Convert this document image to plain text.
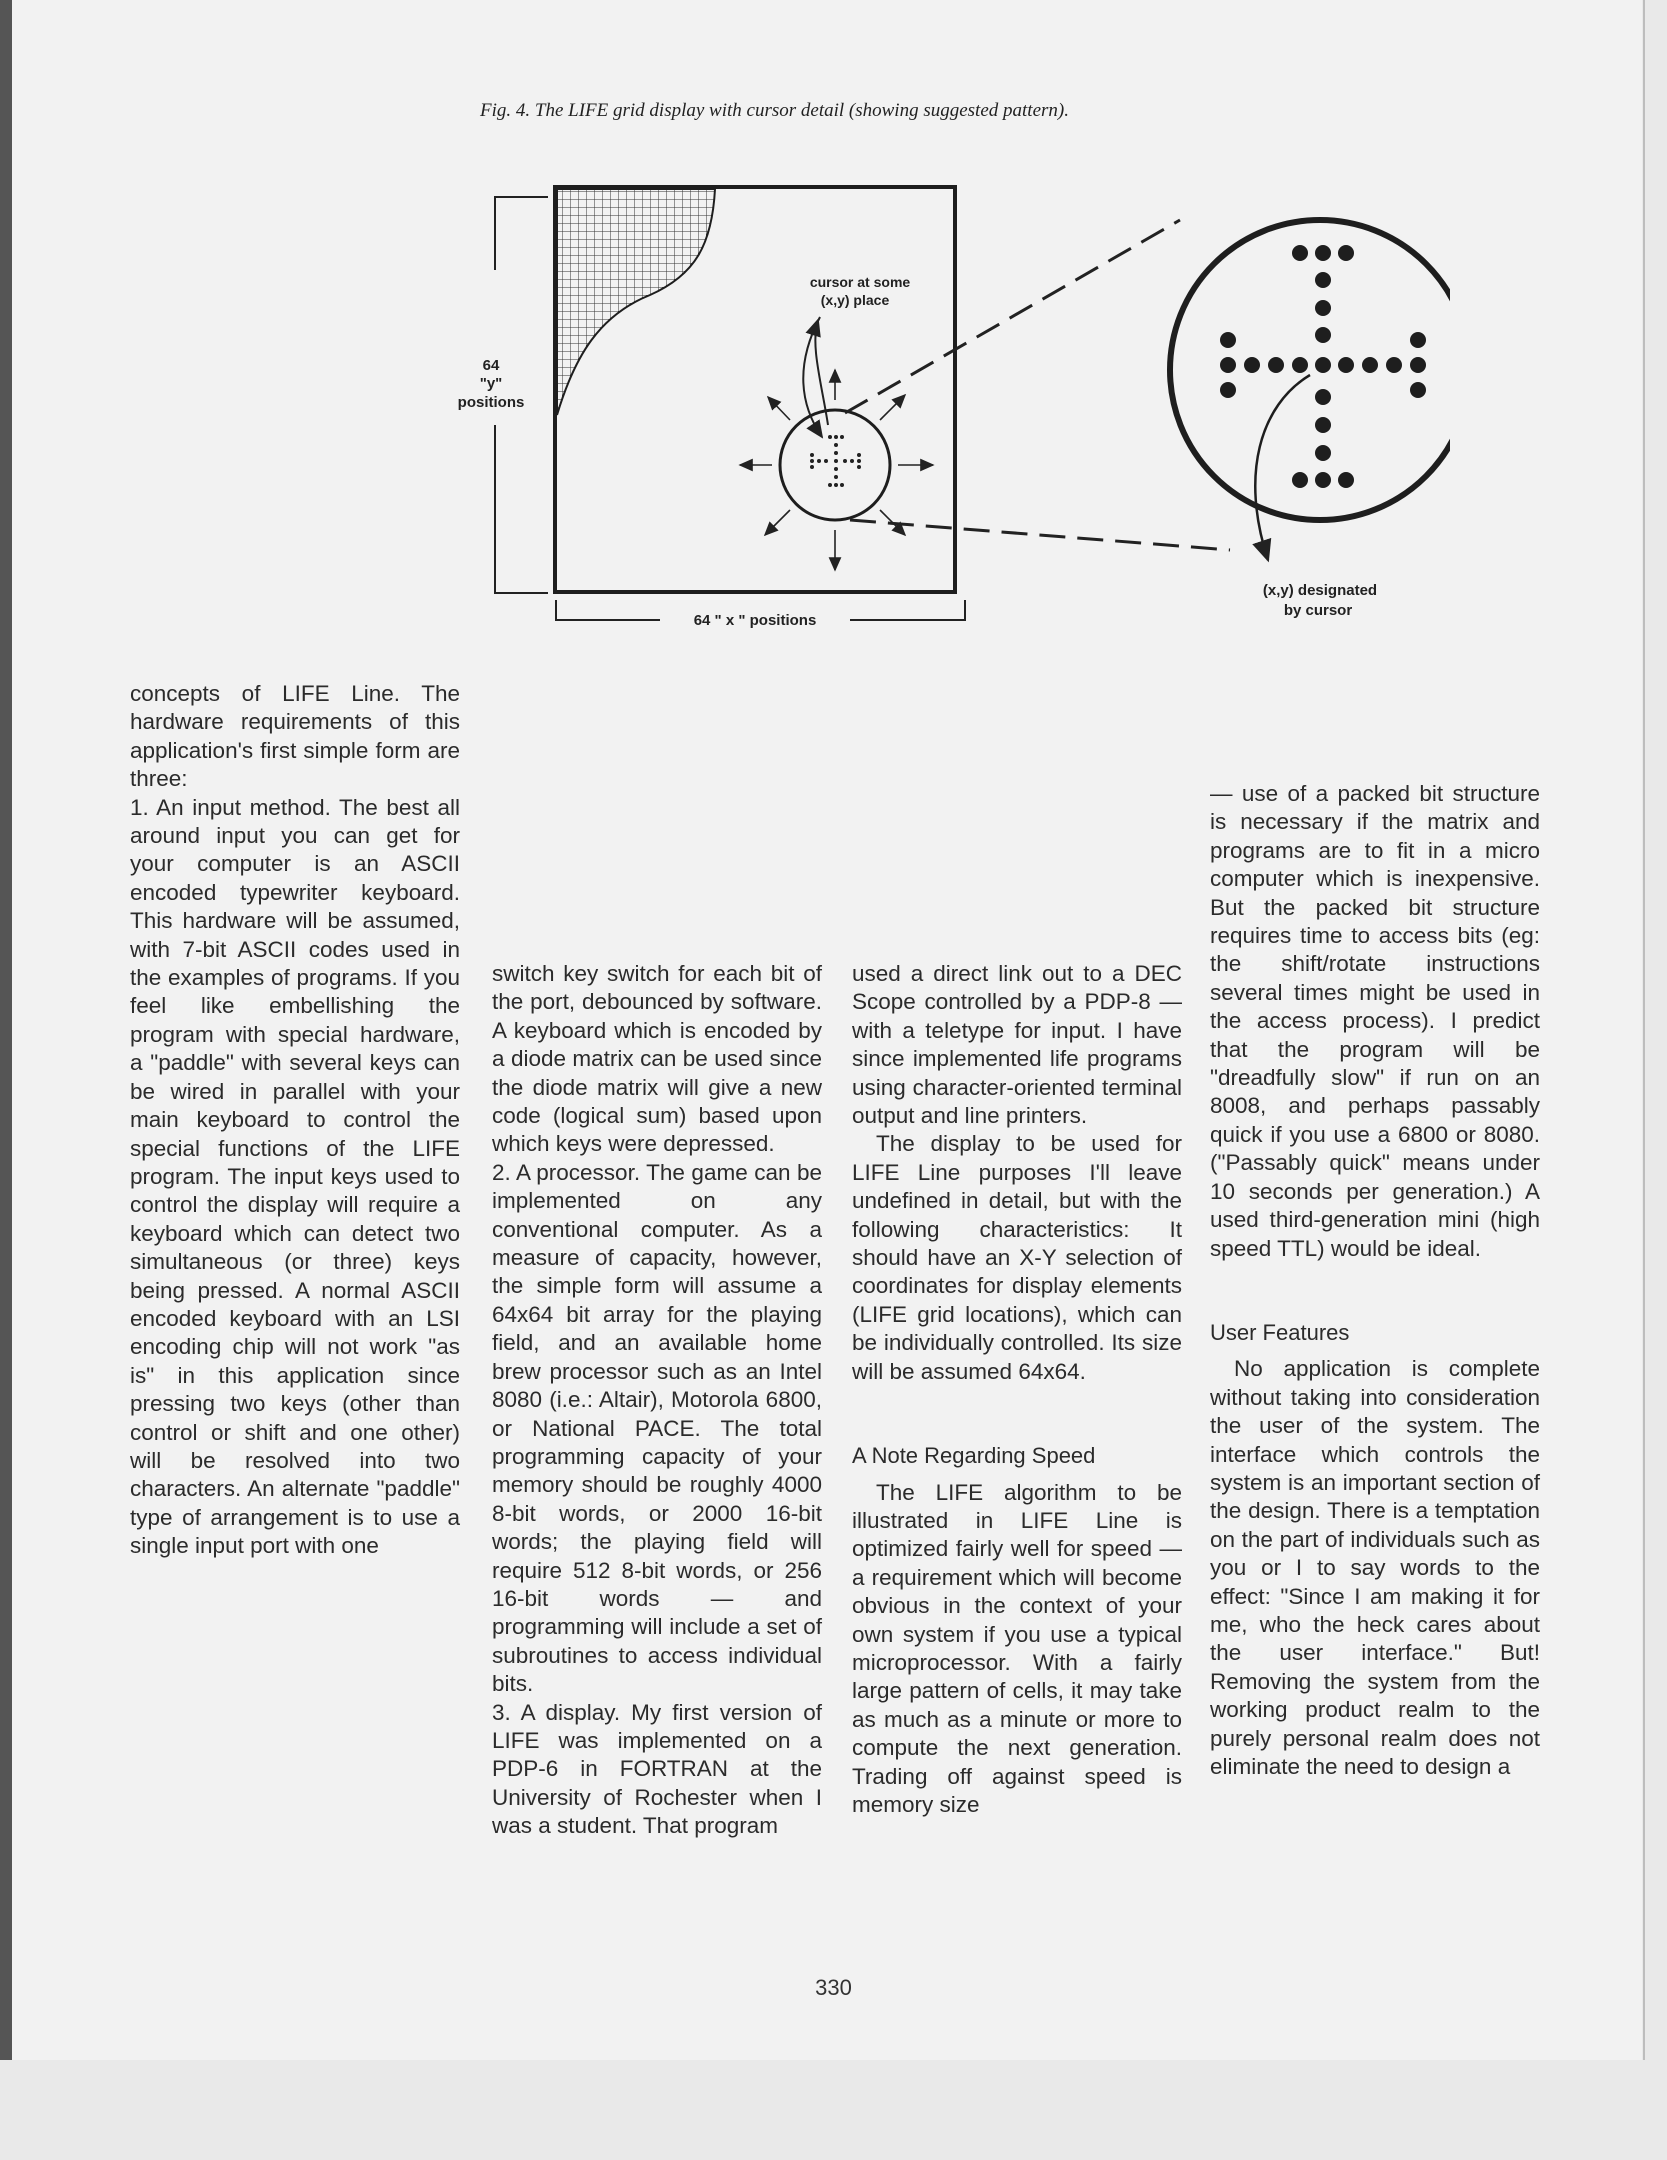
Fig. 4. The LIFE grid display with cursor detail (showing suggested pattern).
64
"y"
positions
64 " x " positions
cursor at some
(x,y) place
(x,y) designated
by cursor

concepts of LIFE Line. The hardware requirements of this application's first simple form are three:

1. An input method. The best all around input you can get for your computer is an ASCII encoded typewriter keyboard. This hardware will be assumed, with 7-bit ASCII codes used in the examples of programs. If you feel like embellishing the program with special hardware, a "paddle" with several keys can be wired in parallel with your main keyboard to control the special functions of the LIFE program. The input keys used to control the display will require a keyboard which can detect two simultaneous (or three) keys being pressed. A normal ASCII encoded keyboard with an LSI encoding chip will not work "as is" in this application since pressing two keys (other than control or shift and one other) will be resolved into two characters. An alternate "paddle" type of arrangement is to use a single input port with one

switch key switch for each bit of the port, debounced by software. A keyboard which is encoded by a diode matrix can be used since the diode matrix will give a new code (logical sum) based upon which keys were depressed.

2. A processor. The game can be implemented on any conventional computer. As a measure of capacity, however, the simple form will assume a 64x64 bit array for the playing field, and an available home brew processor such as an Intel 8080 (i.e.: Altair), Motorola 6800, or National PACE. The total programming capacity of your memory should be roughly 4000 8-bit words, or 2000 16-bit words; the playing field will require 512 8-bit words, or 256 16-bit words — and programming will include a set of subroutines to access individual bits.

3. A display. My first version of LIFE was implemented on a PDP-6 in FORTRAN at the University of Rochester when I was a student. That program

used a direct link out to a DEC Scope controlled by a PDP-8 — with a teletype for input. I have since implemented life programs using character-oriented terminal output and line printers.

The display to be used for LIFE Line purposes I'll leave undefined in detail, but with the following characteristics: It should have an X-Y selection of coordinates for display elements (LIFE grid locations), which can be individually controlled. Its size will be assumed 64x64.

A Note Regarding Speed

The LIFE algorithm to be illustrated in LIFE Line is optimized fairly well for speed — a requirement which will become obvious in the context of your own system if you use a typical microprocessor. With a fairly large pattern of cells, it may take as much as a minute or more to compute the next generation. Trading off against speed is memory size

— use of a packed bit structure is necessary if the matrix and programs are to fit in a micro computer which is inexpensive. But the packed bit structure requires time to access bits (eg: the shift/rotate instructions several times might be used in the access process). I predict that the program will be "dreadfully slow" if run on an 8008, and perhaps passably quick if you use a 6800 or 8080. ("Passably quick" means under 10 seconds per generation.) A used third-generation mini (high speed TTL) would be ideal.

User Features

No application is complete without taking into consideration the user of the system. The interface which controls the system is an important section of the design. There is a temptation on the part of individuals such as you or I to say words to the effect: "Since I am making it for me, who the heck cares about the user interface." But! Removing the system from the working product realm to the purely personal realm does not eliminate the need to design a

330
